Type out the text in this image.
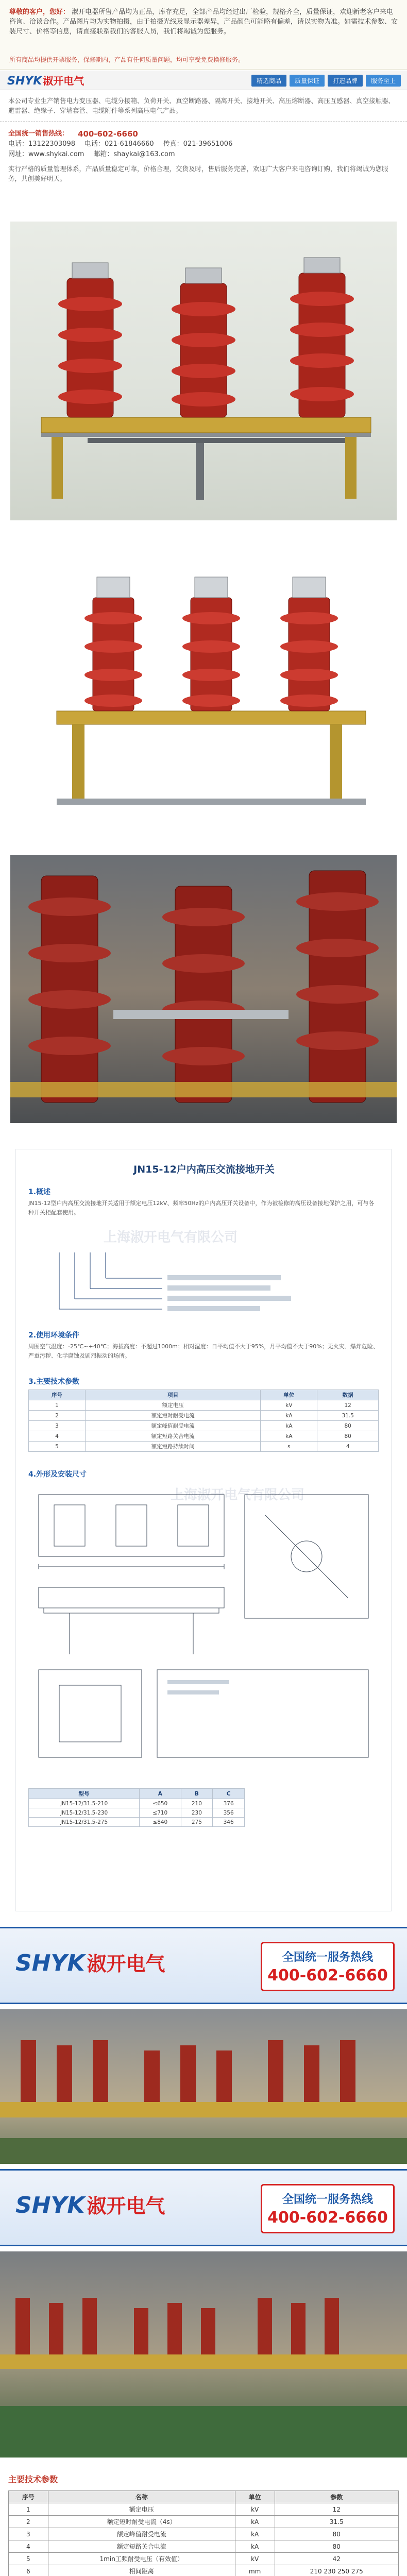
尊敬的客户，您好： 淑开电器所售产品均为正品，库存充足，全部产品均经过出厂检验，规格齐全，质量保证，欢迎新老客户来电咨询、洽谈合作。产品图片均为实物拍摄，由于拍摄光线及显示器差异，产品颜色可能略有偏差，请以实物为准。如需技术参数、安装尺寸、价格等信息，请直接联系我们的客服人员，我们将竭诚为您服务。
所有商品均提供开票服务，保修期内，产品有任何质量问题，均可享受免费换修服务。
SHYK 淑开电气	精选商品	质量保证	打造品牌	服务至上
本公司专业生产销售电力变压器、电缆分接箱、负荷开关、真空断路器、隔离开关、接地开关、高压熔断器、高压互感器、真空接触器、避雷器、绝缘子、穿墙套管、电缆附件等系列高压电气产品。
全国统一销售热线： 400-602-6660
电话：13122303098 电话：021-61846660 传真：021-39651006
网址：www.shykai.com 邮箱：shaykai@163.com
实行严格的质量管理体系，产品质量稳定可靠，价格合理，交货及时，售后服务完善，欢迎广大客户来电咨询订购，我们将竭诚为您服务，共创美好明天。
JN15-12户内高压交流接地开关
1.概述
JN15-12型户内高压交流接地开关适用于额定电压12kV、频率50Hz的户内高压开关设备中，作为被检修的高压设备接地保护之用，可与各种开关柜配套使用。
上海淑开电气有限公司
2.使用环境条件
周围空气温度：-25℃~+40℃；海拔高度：不超过1000m；相对湿度：日平均值不大于95%，月平均值不大于90%；无火灾、爆炸危险、严重污秽、化学腐蚀及剧烈振动的场所。
3.主要技术参数
序号	项目	单位	数据
1	额定电压	kV	12
2	额定短时耐受电流	kA	31.5
3	额定峰值耐受电流	kA	80
4	额定短路关合电流	kA	80
5	额定短路持续时间	s	4
4.外形及安装尺寸
上海淑开电气有限公司
型号	A	B	C
JN15-12/31.5-210	≤650	210	376
JN15-12/31.5-230	≤710	230	356
JN15-12/31.5-275	≤840	275	346
SHYK 淑开电气	全国统一服务热线
400-602-6660
SHYK 淑开电气	全国统一服务热线
400-602-6660
主要技术参数
序号	名称	单位	参数
1	额定电压	kV	12
2	额定短时耐受电流（4s）	kA	31.5
3	额定峰值耐受电流	kA	80
4	额定短路关合电流	kA	80
5	1min工频耐受电压（有效值）	kV	42
6	相间距离	mm	210 230 250 275
